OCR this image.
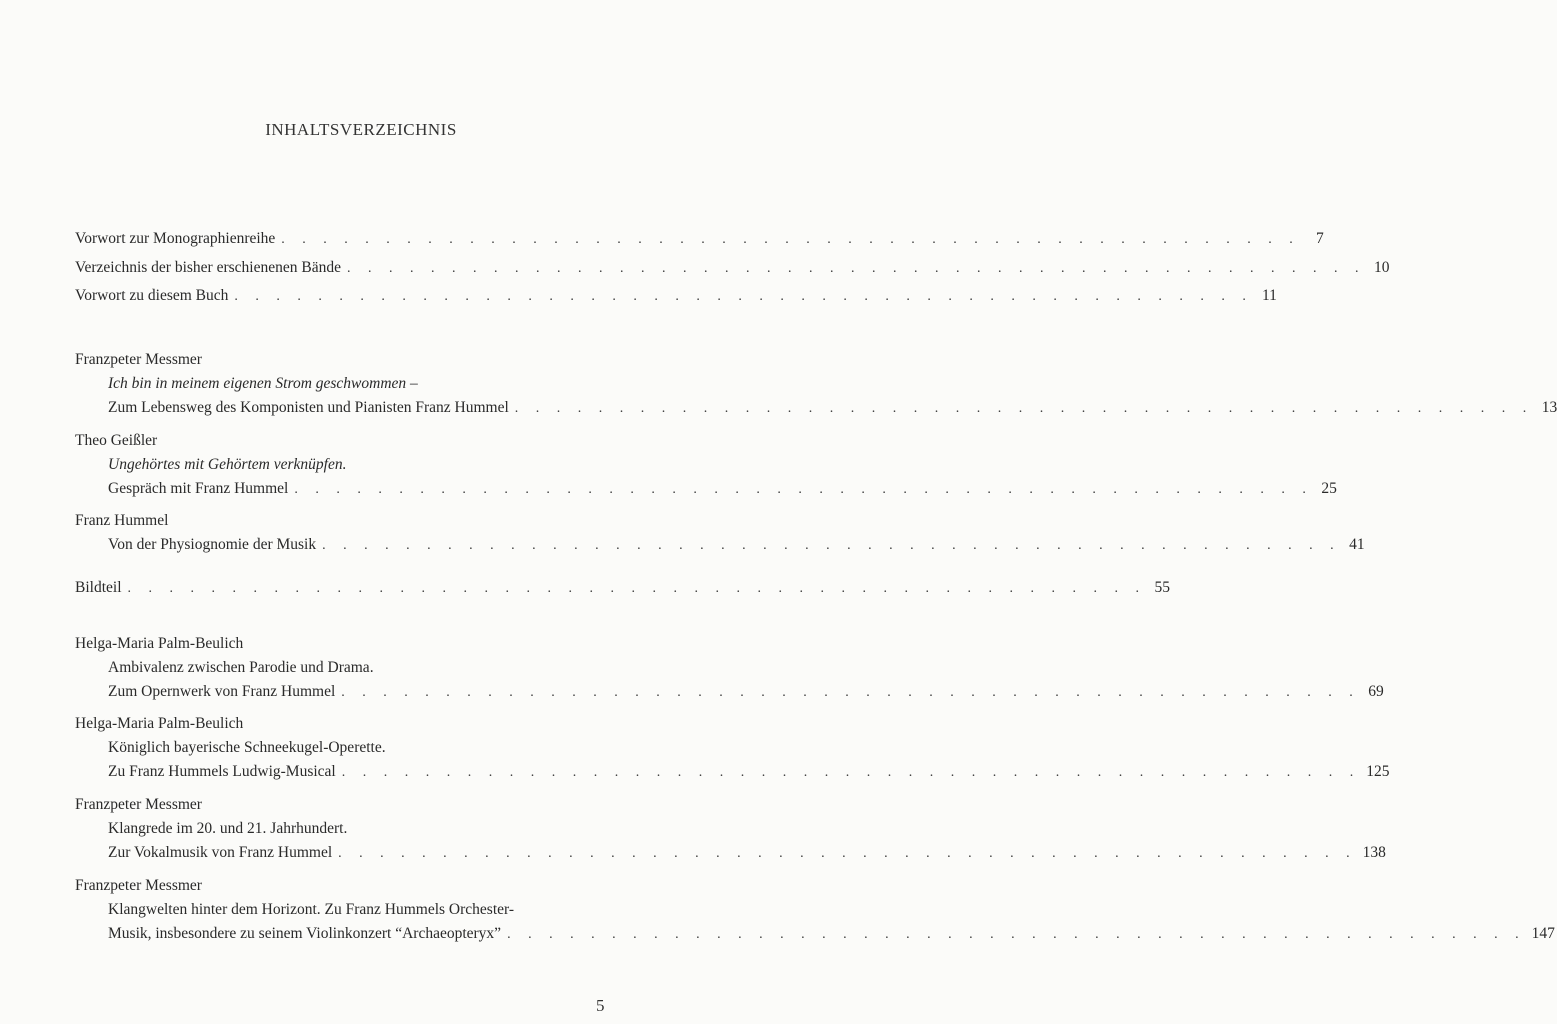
INHALTSVERZEICHNIS
Vorwort zur Monographienreihe . . . . . . . . . . . . . . . . . . . . . . . . . . . . . . . . . . . . . . . . . . . . . . . . .	7
Verzeichnis der bisher erschienenen Bände . . . . . . . . . . . . . . . . . . . . . . . . . . . . . . . . . . . . . . . . . . . . . . . . . 10
Vorwort zu diesem Buch . . . . . . . . . . . . . . . . . . . . . . . . . . . . . . . . . . . . . . . . . . . . . . . . . 11
Franzpeter Messmer
Ich bin in meinem eigenen Strom geschwommen –
Zum Lebensweg des Komponisten und Pianisten Franz Hummel . . . . . . . . . . . . . . . . . . . . . . . . . . . . . . . . . . . . . . . . . . . . . . . . . 13
Theo Geißler
Ungehörtes mit Gehörtem verknüpfen.
Gespräch mit Franz Hummel . . . . . . . . . . . . . . . . . . . . . . . . . . . . . . . . . . . . . . . . . . . . . . . . . 25
Franz Hummel
Von der Physiognomie der Musik . . . . . . . . . . . . . . . . . . . . . . . . . . . . . . . . . . . . . . . . . . . . . . . . . 41
Bildteil . . . . . . . . . . . . . . . . . . . . . . . . . . . . . . . . . . . . . . . . . . . . . . . . . 55
Helga-Maria Palm-Beulich
Ambivalenz zwischen Parodie und Drama.
Zum Opernwerk von Franz Hummel . . . . . . . . . . . . . . . . . . . . . . . . . . . . . . . . . . . . . . . . . . . . . . . . . 69
Helga-Maria Palm-Beulich
Königlich bayerische Schneekugel-Operette.
Zu Franz Hummels Ludwig-Musical . . . . . . . . . . . . . . . . . . . . . . . . . . . . . . . . . . . . . . . . . . . . . . . . . 125
Franzpeter Messmer
Klangrede im 20. und 21. Jahrhundert.
Zur Vokalmusik von Franz Hummel . . . . . . . . . . . . . . . . . . . . . . . . . . . . . . . . . . . . . . . . . . . . . . . . . 138
Franzpeter Messmer
Klangwelten hinter dem Horizont. Zu Franz Hummels Orchester-
Musik, insbesondere zu seinem Violinkonzert “Archaeopteryx” . . . . . . . . . . . . . . . . . . . . . . . . . . . . . . . . . . . . . . . . . . . . . . . . . 147
5
